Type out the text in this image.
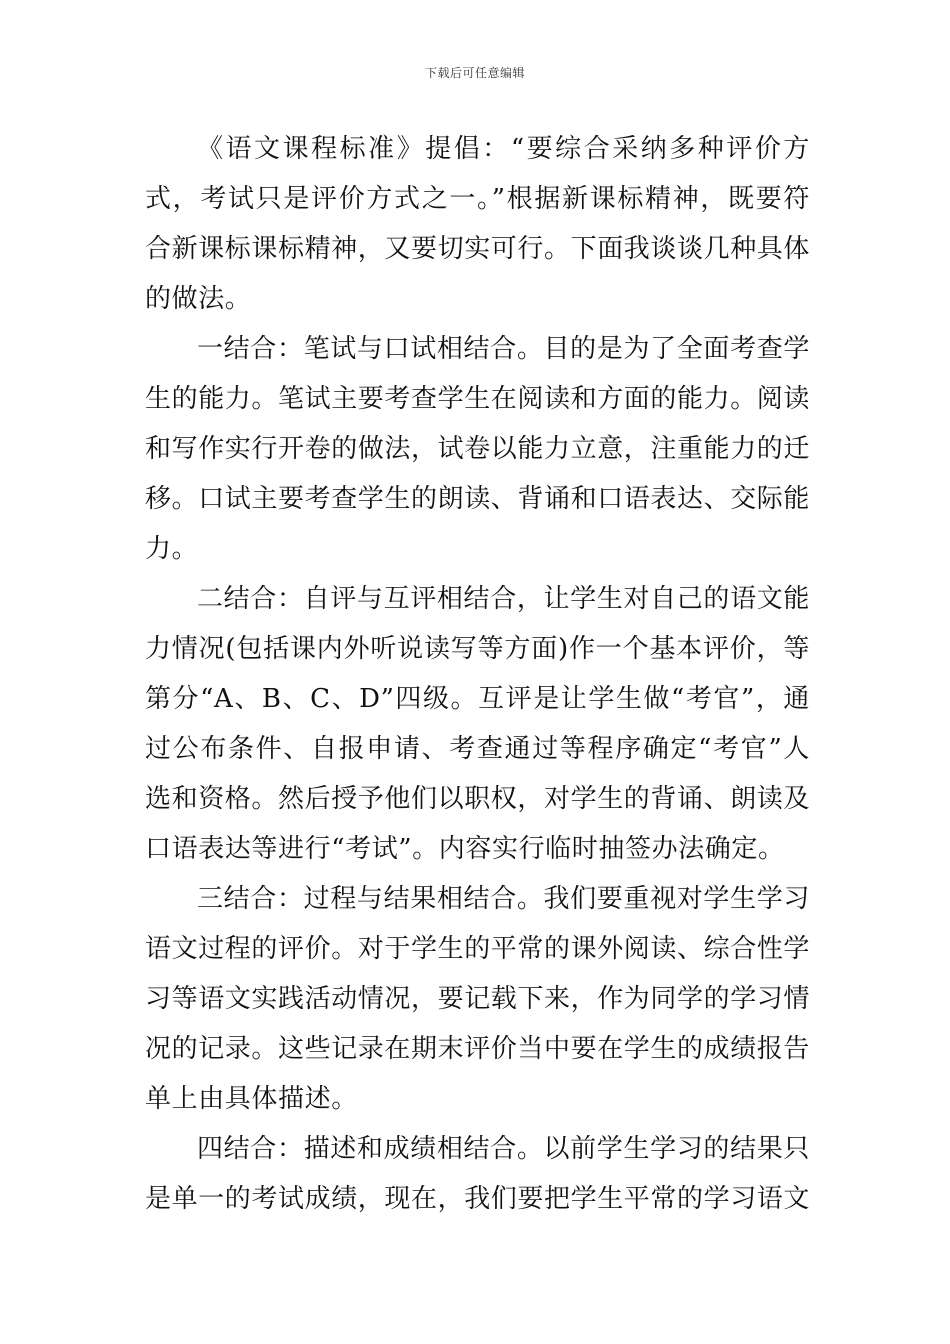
下载后可任意编辑

《语文课程标准》提倡：“要综合采纳多种评价方式，考试只是评价方式之一。”根据新课标精神，既要符合新课标课标精神，又要切实可行。下面我谈谈几种具体的做法。

一结合：笔试与口试相结合。目的是为了全面考查学生的能力。笔试主要考查学生在阅读和方面的能力。阅读和写作实行开卷的做法，试卷以能力立意，注重能力的迁移。口试主要考查学生的朗读、背诵和口语表达、交际能力。

二结合：自评与互评相结合，让学生对自己的语文能力情况(包括课内外听说读写等方面)作一个基本评价，等第分“A、B、C、D”四级。互评是让学生做“考官”，通过公布条件、自报申请、考查通过等程序确定“考官”人选和资格。然后授予他们以职权，对学生的背诵、朗读及口语表达等进行“考试”。内容实行临时抽签办法确定。

三结合：过程与结果相结合。我们要重视对学生学习语文过程的评价。对于学生的平常的课外阅读、综合性学习等语文实践活动情况，要记载下来，作为同学的学习情况的记录。这些记录在期末评价当中要在学生的成绩报告单上由具体描述。

四结合：描述和成绩相结合。以前学生学习的结果只是单一的考试成绩，现在，我们要把学生平常的学习语文
